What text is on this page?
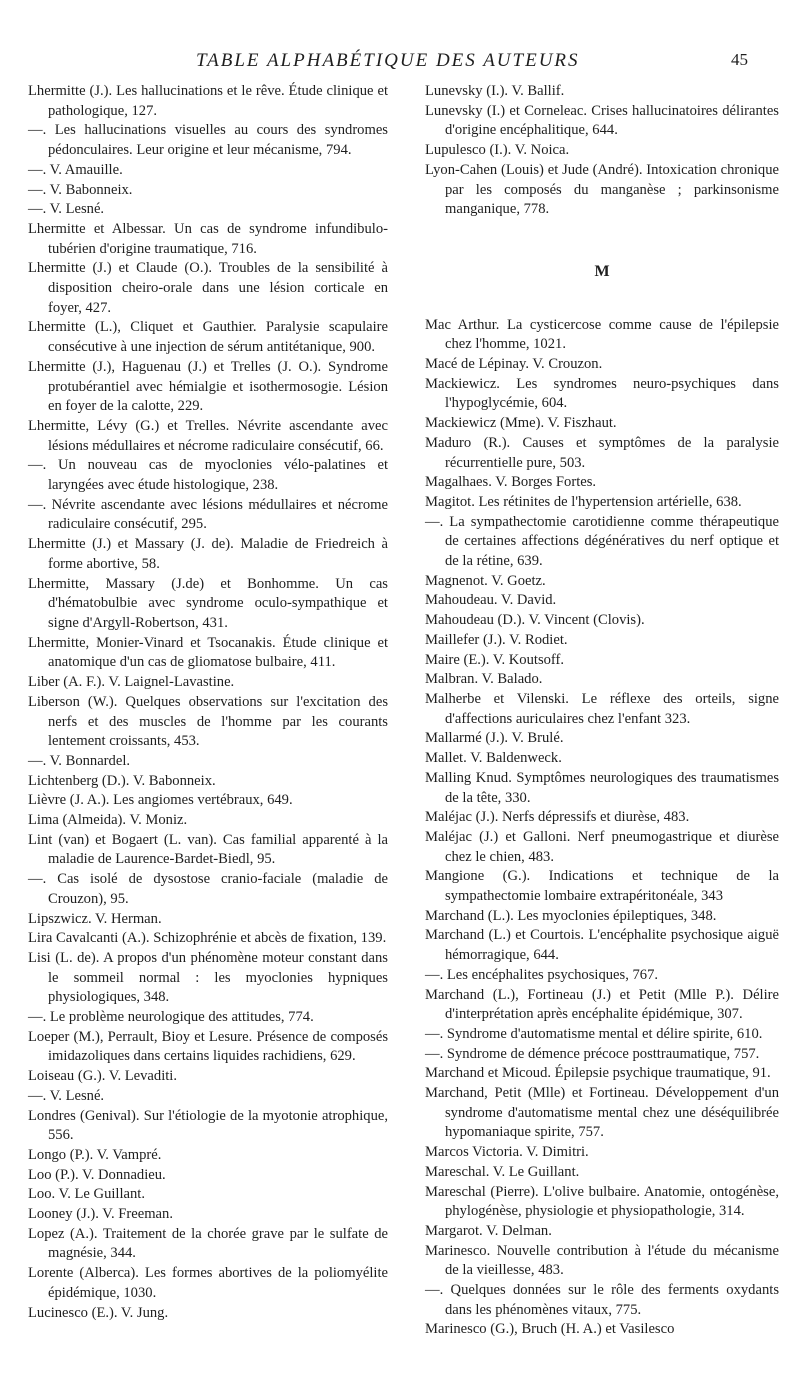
TABLE ALPHABÉTIQUE DES AUTEURS	45
Lhermitte (J.). Les hallucinations et le rêve. Étude clinique et pathologique, 127.
—. Les hallucinations visuelles au cours des syndromes pédonculaires. Leur origine et leur mécanisme, 794.
—. V. Amauille.
—. V. Babonneix.
—. V. Lesné.
Lhermitte et Albessar. Un cas de syndrome infundibulo-tubérien d'origine traumatique, 716.
Lhermitte (J.) et Claude (O.). Troubles de la sensibilité à disposition cheiro-orale dans une lésion corticale en foyer, 427.
Lhermitte (L.), Cliquet et Gauthier. Paralysie scapulaire consécutive à une injection de sérum antitétanique, 900.
Lhermitte (J.), Haguenau (J.) et Trelles (J. O.). Syndrome protubérantiel avec hémialgie et isothermosogie. Lésion en foyer de la calotte, 229.
Lhermitte, Lévy (G.) et Trelles. Névrite ascendante avec lésions médullaires et nécrome radiculaire consécutif, 66.
—. Un nouveau cas de myoclonies vélo-palatines et laryngées avec étude histologique, 238.
—. Névrite ascendante avec lésions médullaires et nécrome radiculaire consécutif, 295.
Lhermitte (J.) et Massary (J. de). Maladie de Friedreich à forme abortive, 58.
Lhermitte, Massary (J.de) et Bonhomme. Un cas d'hématobulbie avec syndrome oculo-sympathique et signe d'Argyll-Robertson, 431.
Lhermitte, Monier-Vinard et Tsocanakis. Étude clinique et anatomique d'un cas de gliomatose bulbaire, 411.
Liber (A. F.). V. Laignel-Lavastine.
Liberson (W.). Quelques observations sur l'excitation des nerfs et des muscles de l'homme par les courants lentement croissants, 453.
—. V. Bonnardel.
Lichtenberg (D.). V. Babonneix.
Lièvre (J. A.). Les angiomes vertébraux, 649.
Lima (Almeida). V. Moniz.
Lint (van) et Bogaert (L. van). Cas familial apparenté à la maladie de Laurence-Bardet-Biedl, 95.
—. Cas isolé de dysostose cranio-faciale (maladie de Crouzon), 95.
Lipszwicz. V. Herman.
Lira Cavalcanti (A.). Schizophrénie et abcès de fixation, 139.
Lisi (L. de). A propos d'un phénomène moteur constant dans le sommeil normal : les myoclonies hypniques physiologiques, 348.
—. Le problème neurologique des attitudes, 774.
Loeper (M.), Perrault, Bioy et Lesure. Présence de composés imidazoliques dans certains liquides rachidiens, 629.
Loiseau (G.). V. Levaditi.
—. V. Lesné.
Londres (Genival). Sur l'étiologie de la myotonie atrophique, 556.
Longo (P.). V. Vampré.
Loo (P.). V. Donnadieu.
Loo. V. Le Guillant.
Looney (J.). V. Freeman.
Lopez (A.). Traitement de la chorée grave par le sulfate de magnésie, 344.
Lorente (Alberca). Les formes abortives de la poliomyélite épidémique, 1030.
Lucinesco (E.). V. Jung.
Lunevsky (I.). V. Ballif.
Lunevsky (I.) et Corneleac. Crises hallucinatoires délirantes d'origine encéphalitique, 644.
Lupulesco (I.). V. Noica.
Lyon-Cahen (Louis) et Jude (André). Intoxication chronique par les composés du manganèse ; parkinsonisme manganique, 778.
M
Mac Arthur. La cysticercose comme cause de l'épilepsie chez l'homme, 1021.
Macé de Lépinay. V. Crouzon.
Mackiewicz. Les syndromes neuro-psychiques dans l'hypoglycémie, 604.
Mackiewicz (Mme). V. Fiszhaut.
Maduro (R.). Causes et symptômes de la paralysie récurrentielle pure, 503.
Magalhaes. V. Borges Fortes.
Magitot. Les rétinites de l'hypertension artérielle, 638.
—. La sympathectomie carotidienne comme thérapeutique de certaines affections dégénératives du nerf optique et de la rétine, 639.
Magnenot. V. Goetz.
Mahoudeau. V. David.
Mahoudeau (D.). V. Vincent (Clovis).
Maillefer (J.). V. Rodiet.
Maire (E.). V. Koutsoff.
Malbran. V. Balado.
Malherbe et Vilenski. Le réflexe des orteils, signe d'affections auriculaires chez l'enfant 323.
Mallarmé (J.). V. Brulé.
Mallet. V. Baldenweck.
Malling Knud. Symptômes neurologiques des traumatismes de la tête, 330.
Maléjac (J.). Nerfs dépressifs et diurèse, 483.
Maléjac (J.) et Galloni. Nerf pneumogastrique et diurèse chez le chien, 483.
Mangione (G.). Indications et technique de la sympathectomie lombaire extrapéritonéale, 343
Marchand (L.). Les myoclonies épileptiques, 348.
Marchand (L.) et Courtois. L'encéphalite psychosique aiguë hémorragique, 644.
—. Les encéphalites psychosiques, 767.
Marchand (L.), Fortineau (J.) et Petit (Mlle P.). Délire d'interprétation après encéphalite épidémique, 307.
—. Syndrome d'automatisme mental et délire spirite, 610.
—. Syndrome de démence précoce posttraumatique, 757.
Marchand et Micoud. Épilepsie psychique traumatique, 91.
Marchand, Petit (Mlle) et Fortineau. Développement d'un syndrome d'automatisme mental chez une déséquilibrée hypomaniaque spirite, 757.
Marcos Victoria. V. Dimitri.
Mareschal. V. Le Guillant.
Mareschal (Pierre). L'olive bulbaire. Anatomie, ontogénèse, phylogénèse, physiologie et physiopathologie, 314.
Margarot. V. Delman.
Marinesco. Nouvelle contribution à l'étude du mécanisme de la vieillesse, 483.
—. Quelques données sur le rôle des ferments oxydants dans les phénomènes vitaux, 775.
Marinesco (G.), Bruch (H. A.) et Vasilesco
